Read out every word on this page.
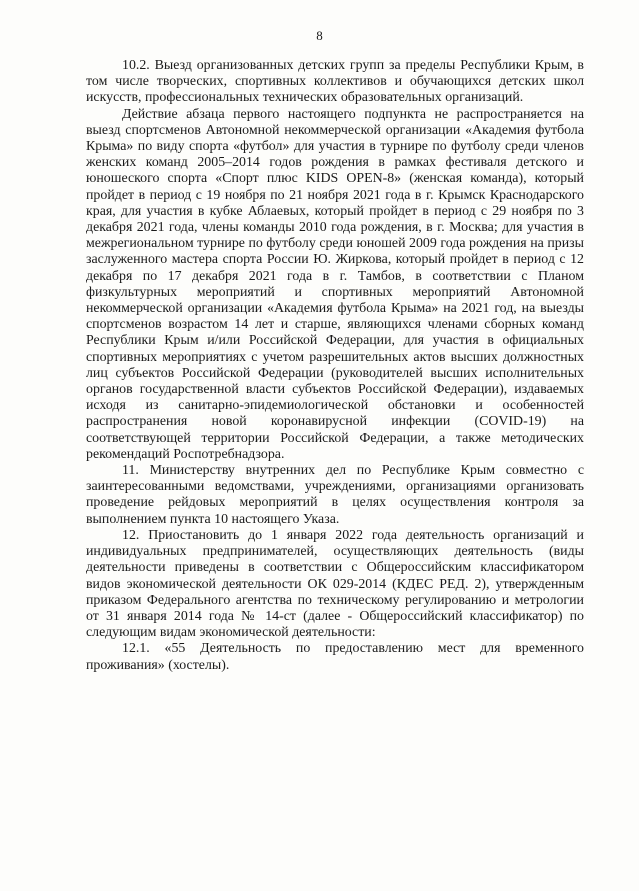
8

10.2. Выезд организованных детских групп за пределы Республики Крым, в том числе творческих, спортивных коллективов и обучающихся детских школ искусств, профессиональных технических образовательных организаций.

Действие абзаца первого настоящего подпункта не распространяется на выезд спортсменов Автономной некоммерческой организации «Академия футбола Крыма» по виду спорта «футбол» для участия в турнире по футболу среди членов женских команд 2005–2014 годов рождения в рамках фестиваля детского и юношеского спорта «Спорт плюс KIDS OPEN-8» (женская команда), который пройдет в период с 19 ноября по 21 ноября 2021 года в г. Крымск Краснодарского края, для участия в кубке Аблаевых, который пройдет в период с 29 ноября по 3 декабря 2021 года, члены команды 2010 года рождения, в г. Москва; для участия в межрегиональном турнире по футболу среди юношей 2009 года рождения на призы заслуженного мастера спорта России Ю. Жиркова, который пройдет в период с 12 декабря по 17 декабря 2021 года в г. Тамбов, в соответствии с Планом физкультурных мероприятий и спортивных мероприятий Автономной некоммерческой организации «Академия футбола Крыма» на 2021 год, на выезды спортсменов возрастом 14 лет и старше, являющихся членами сборных команд Республики Крым и/или Российской Федерации, для участия в официальных спортивных мероприятиях с учетом разрешительных актов высших должностных лиц субъектов Российской Федерации (руководителей высших исполнительных органов государственной власти субъектов Российской Федерации), издаваемых исходя из санитарно-эпидемиологической обстановки и особенностей распространения новой коронавирусной инфекции (COVID-19) на соответствующей территории Российской Федерации, а также методических рекомендаций Роспотребнадзора.

11. Министерству внутренних дел по Республике Крым совместно с заинтересованными ведомствами, учреждениями, организациями организовать проведение рейдовых мероприятий в целях осуществления контроля за выполнением пункта 10 настоящего Указа.

12. Приостановить до 1 января 2022 года деятельность организаций и индивидуальных предпринимателей, осуществляющих деятельность (виды деятельности приведены в соответствии с Общероссийским классификатором видов экономической деятельности ОК 029-2014 (КДЕС РЕД. 2), утвержденным приказом Федерального агентства по техническому регулированию и метрологии от 31 января 2014 года № 14-ст (далее - Общероссийский классификатор) по следующим видам экономической деятельности:

12.1. «55 Деятельность по предоставлению мест для временного проживания» (хостелы).
